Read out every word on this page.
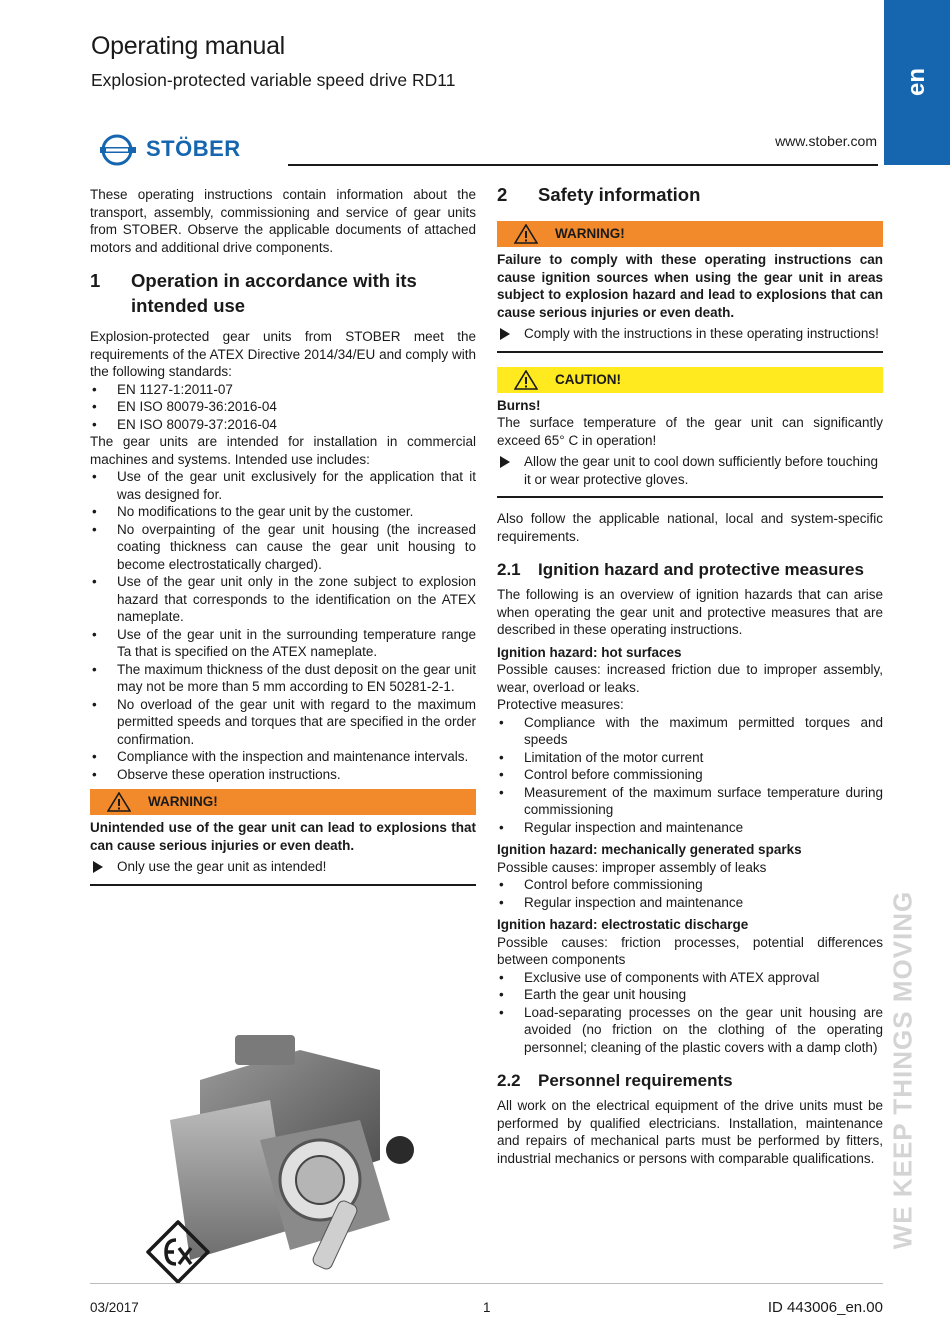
Operating manual
Explosion-protected variable speed drive RD11	en
STÖBER	www.stober.com

These operating instructions contain information about the transport, assembly, commissioning and service of gear units from STOBER. Observe the applicable documents of attached motors and additional drive components.

1	Operation in accordance with its intended use

Explosion-protected gear units from STOBER meet the requirements of the ATEX Directive 2014/34/EU and comply with the following standards:

• EN 1127-1:2011-07
• EN ISO 80079-36:2016-04
• EN ISO 80079-37:2016-04

The gear units are intended for installation in commercial machines and systems. Intended use includes:

• Use of the gear unit exclusively for the application that it was designed for.
• No modifications to the gear unit by the customer.
• No overpainting of the gear unit housing (the increased coating thickness can cause the gear unit housing to become electrostatically charged).
• Use of the gear unit only in the zone subject to explosion hazard that corresponds to the identification on the ATEX nameplate.
• Use of the gear unit in the surrounding temperature range Ta that is specified on the ATEX nameplate.
• The maximum thickness of the dust deposit on the gear unit may not be more than 5 mm according to EN 50281-2-1.
• No overload of the gear unit with regard to the maximum permitted speeds and torques that are specified in the order confirmation.
• Compliance with the inspection and maintenance intervals.
• Observe these operation instructions.
WARNING!

Unintended use of the gear unit can lead to explosions that can cause serious injuries or even death.

Only use the gear unit as intended!
2	Safety information
WARNING!

Failure to comply with these operating instructions can cause ignition sources when using the gear unit in areas subject to explosion hazard and lead to explosions that can cause serious injuries or even death.

Comply with the instructions in these operating instructions!
CAUTION!

Burns!

The surface temperature of the gear unit can significantly exceed 65° C in operation!

Allow the gear unit to cool down sufficiently before touching it or wear protective gloves.

Also follow the applicable national, local and system-specific requirements.

2.1	Ignition hazard and protective measures

The following is an overview of ignition hazards that can arise when operating the gear unit and protective measures that are described in these operating instructions.

Ignition hazard: hot surfaces

Possible causes: increased friction due to improper assembly, wear, overload or leaks.

Protective measures:

• Compliance with the maximum permitted torques and speeds
• Limitation of the motor current
• Control before commissioning
• Measurement of the maximum surface temperature during commissioning
• Regular inspection and maintenance

Ignition hazard: mechanically generated sparks

Possible causes: improper assembly of leaks

• Control before commissioning
• Regular inspection and maintenance

Ignition hazard: electrostatic discharge

Possible causes: friction processes, potential differences between components

• Exclusive use of components with ATEX approval
• Earth the gear unit housing
• Load-separating processes on the gear unit housing are avoided (no friction on the clothing of the operating personnel; cleaning of the plastic covers with a damp cloth)
2.2	Personnel requirements

All work on the electrical equipment of the drive units must be performed by qualified electricians. Installation, maintenance and repairs of mechanical parts must be performed by fitters, industrial mechanics or persons with comparable qualifications. WE KEEP THINGS MOVING
03/2017	1	ID 443006_en.00
